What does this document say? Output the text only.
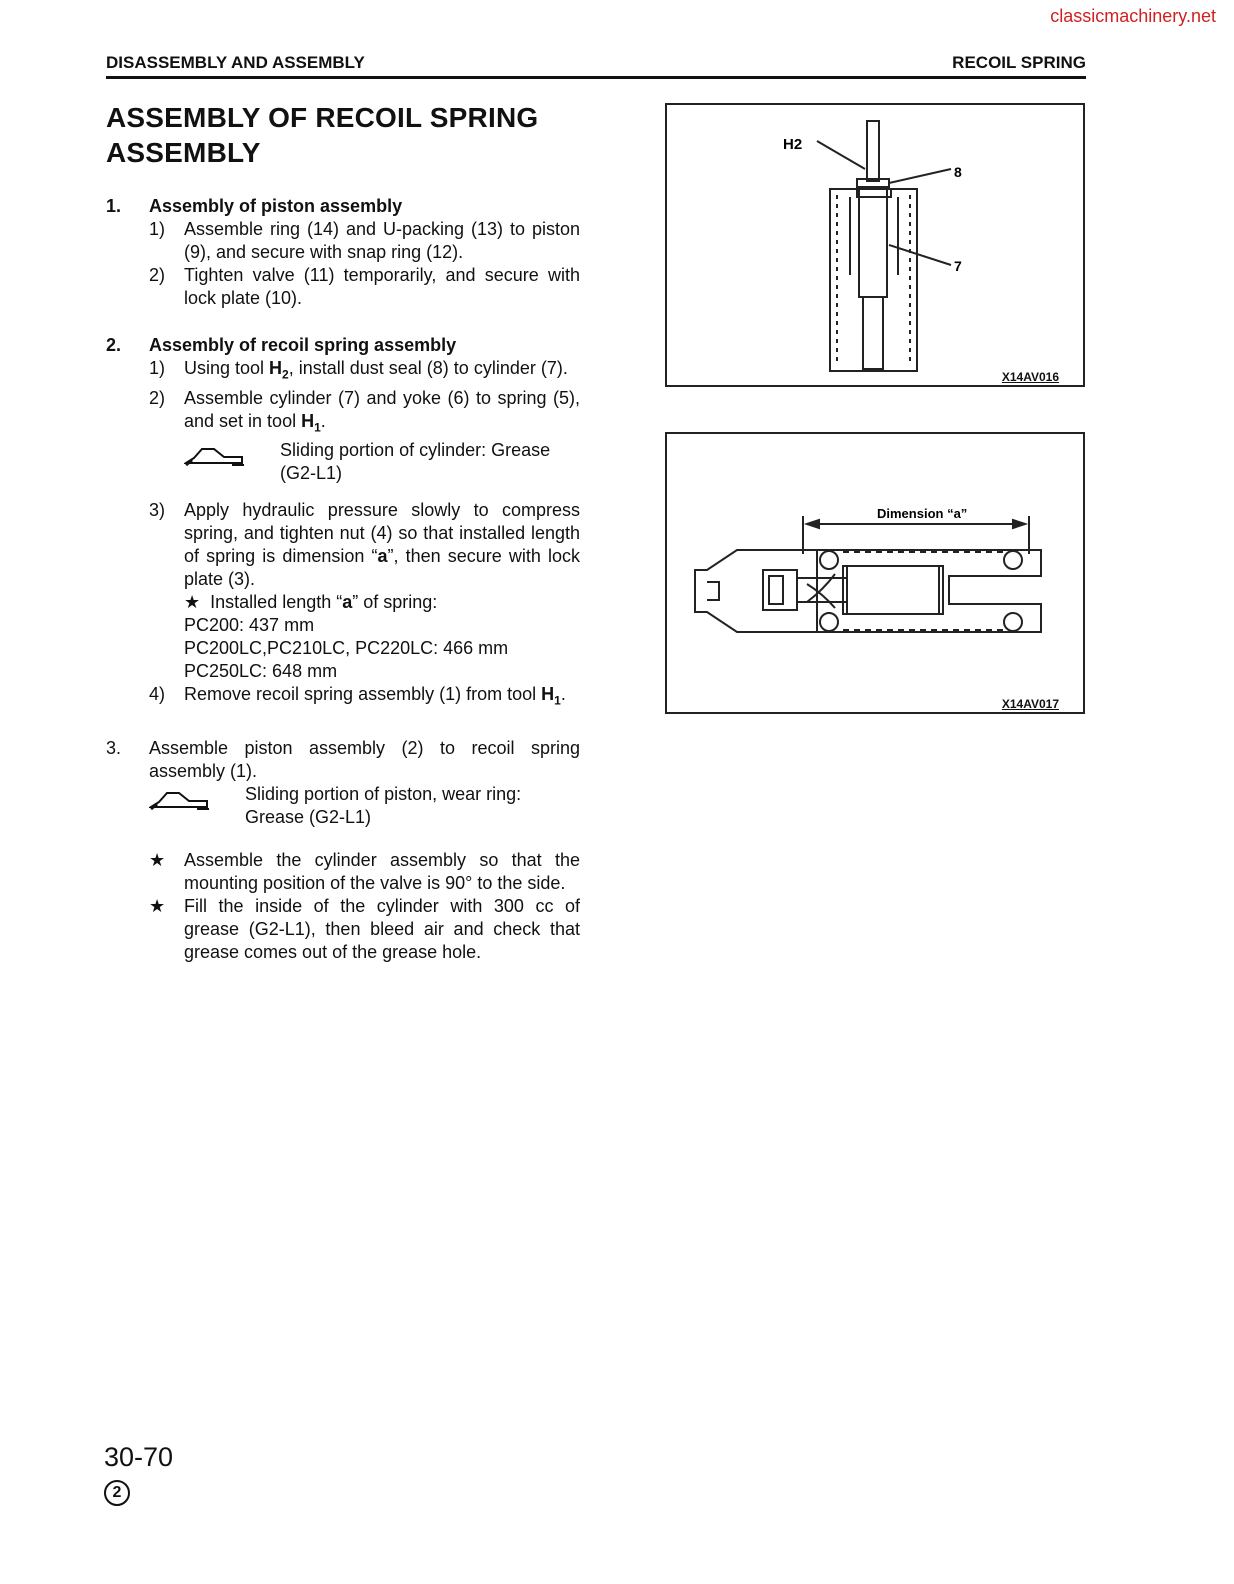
classicmachinery.net
DISASSEMBLY AND ASSEMBLY	RECOIL SPRING
ASSEMBLY OF RECOIL SPRING
ASSEMBLY
1. Assembly of piston assembly
1) Assemble ring (14) and U-packing (13) to piston (9), and secure with snap ring (12).
2) Tighten valve (11) temporarily, and secure with lock plate (10).
2. Assembly of recoil spring assembly
1) Using tool $H_2$, install dust seal (8) to cylinder (7).
2) Assemble cylinder (7) and yoke (6) to spring (5), and set in tool $H_1$.
Sliding portion of cylinder: Grease (G2-L1)
3) Apply hydraulic pressure slowly to compress spring, and tighten nut (4) so that installed length of spring is dimension “a”, then secure with lock plate (3).
★ Installed length “a” of spring:
PC200: 437 mm
PC200LC,PC210LC, PC220LC: 466 mm
PC250LC: 648 mm
4) Remove recoil spring assembly (1) from tool $H_1$.
3. Assemble piston assembly (2) to recoil spring assembly (1).
Sliding portion of piston, wear ring: Grease (G2-L1)
★ Assemble the cylinder assembly so that the mounting position of the valve is 90° to the side.
★ Fill the inside of the cylinder with 300 cc of grease (G2-L1), then bleed air and check that grease comes out of the grease hole.
H2
8
7
X14AV016
Dimension “a”
X14AV017
30-70
2
